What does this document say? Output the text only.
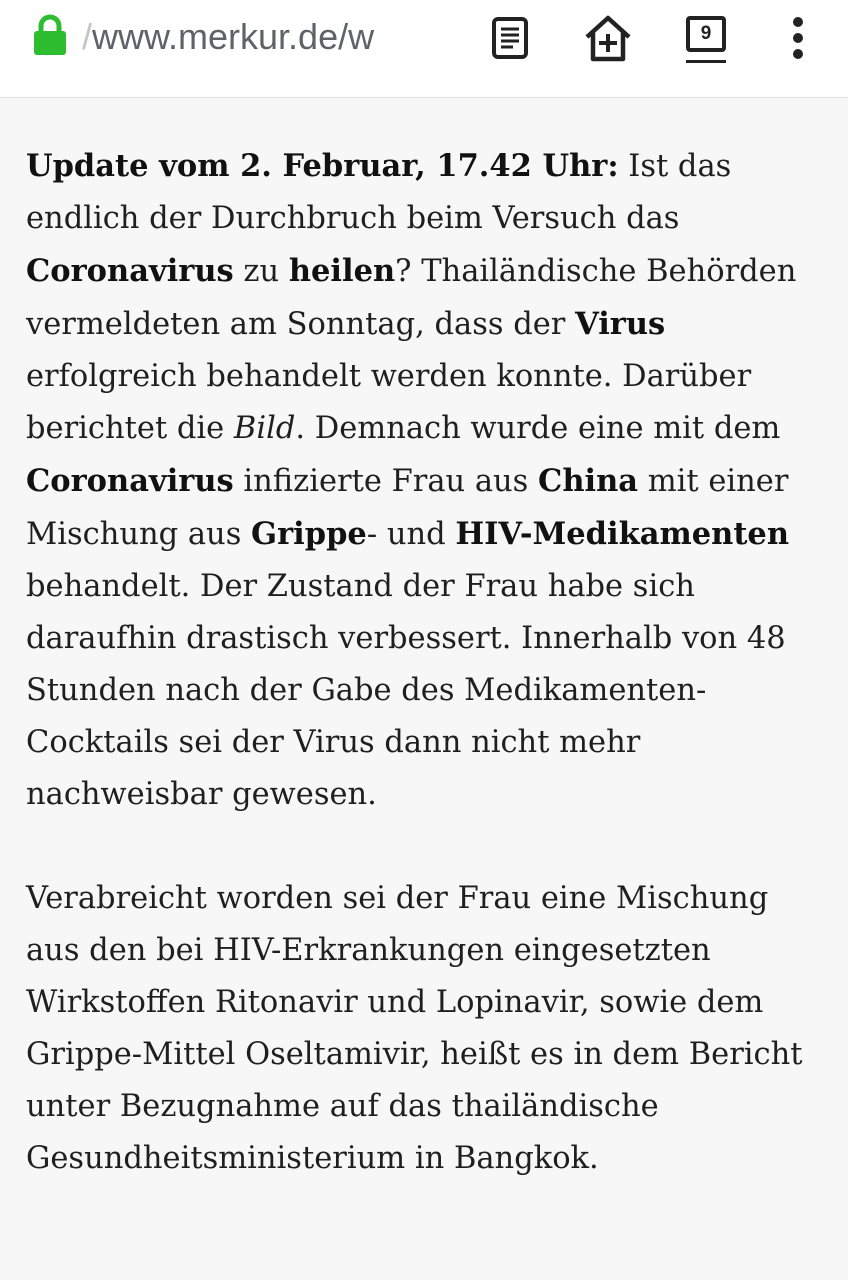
/www.merkur.de/w	9

Update vom 2. Februar, 17.42 Uhr: Ist das endlich der Durchbruch beim Versuch das Coronavirus zu heilen? Thailändische Behörden vermeldeten am Sonntag, dass der Virus erfolgreich behandelt werden konnte. Darüber berichtet die Bild. Demnach wurde eine mit dem Coronavirus infizierte Frau aus China mit einer Mischung aus Grippe- und HIV-Medikamenten behandelt. Der Zustand der Frau habe sich daraufhin drastisch verbessert. Innerhalb von 48 Stunden nach der Gabe des Medikamenten-Cocktails sei der Virus dann nicht mehr nachweisbar gewesen.

Verabreicht worden sei der Frau eine Mischung aus den bei HIV-Erkrankungen eingesetzten Wirkstoffen Ritonavir und Lopinavir, sowie dem Grippe-Mittel Oseltamivir, heißt es in dem Bericht unter Bezugnahme auf das thailändische Gesundheitsministerium in Bangkok.
